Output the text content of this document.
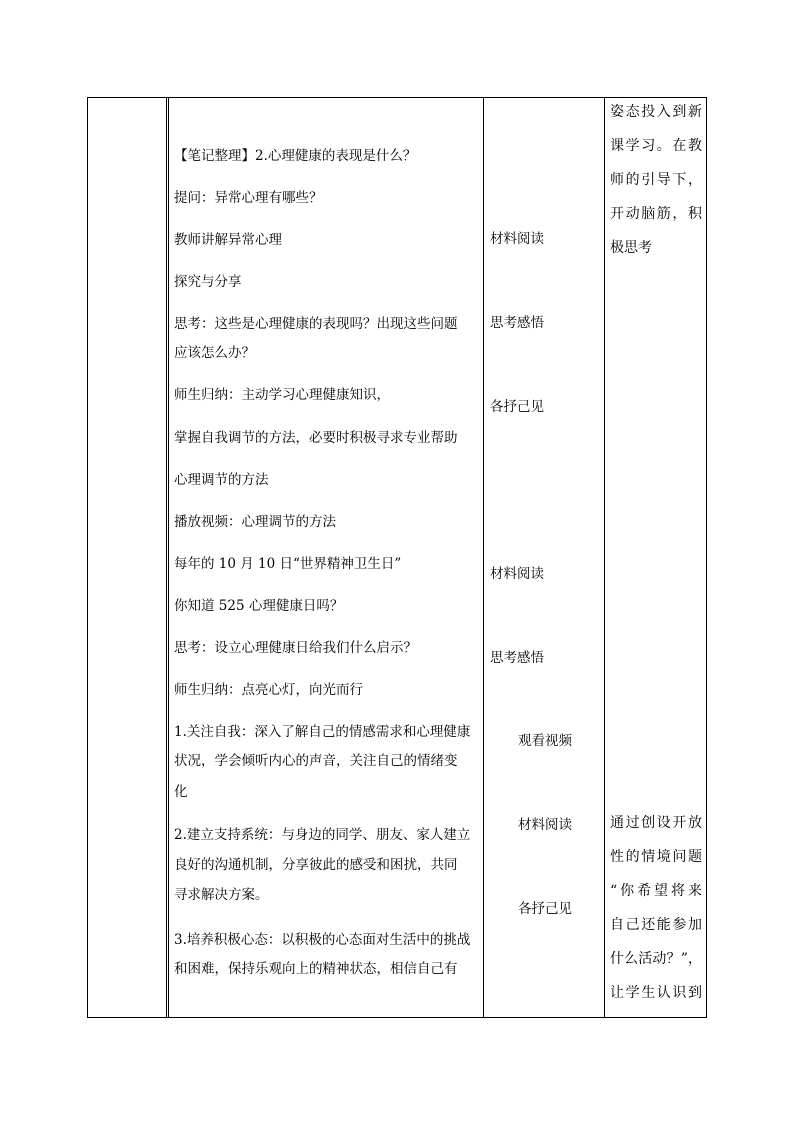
【笔记整理】2.心理健康的表现是什么？
提问：异常心理有哪些？
教师讲解异常心理
探究与分享
思考：这些是心理健康的表现吗？出现这些问题
应该怎么办？
师生归纳：主动学习心理健康知识，
掌握自我调节的方法，必要时积极寻求专业帮助
心理调节的方法
播放视频：心理调节的方法
每年的 10 月 10 日“世界精神卫生日”
你知道 525 心理健康日吗？
思考：设立心理健康日给我们什么启示？
师生归纳：点亮心灯，向光而行
1.关注自我：深入了解自己的情感需求和心理健康
状况，学会倾听内心的声音，关注自己的情绪变
化
2.建立支持系统：与身边的同学、朋友、家人建立
良好的沟通机制，分享彼此的感受和困扰，共同
寻求解决方案。
3.培养积极心态：以积极的心态面对生活中的挑战
和困难，保持乐观向上的精神状态，相信自己有
材料阅读
思考感悟
各抒己见
材料阅读
思考感悟
观看视频
材料阅读
各抒己见
姿态投入到新
课学习。在教
师的引导下，
开动脑筋，积
极思考
通过创设开放
性的情境问题
“你希望将来
自己还能参加
什么活动？”，
让学生认识到
